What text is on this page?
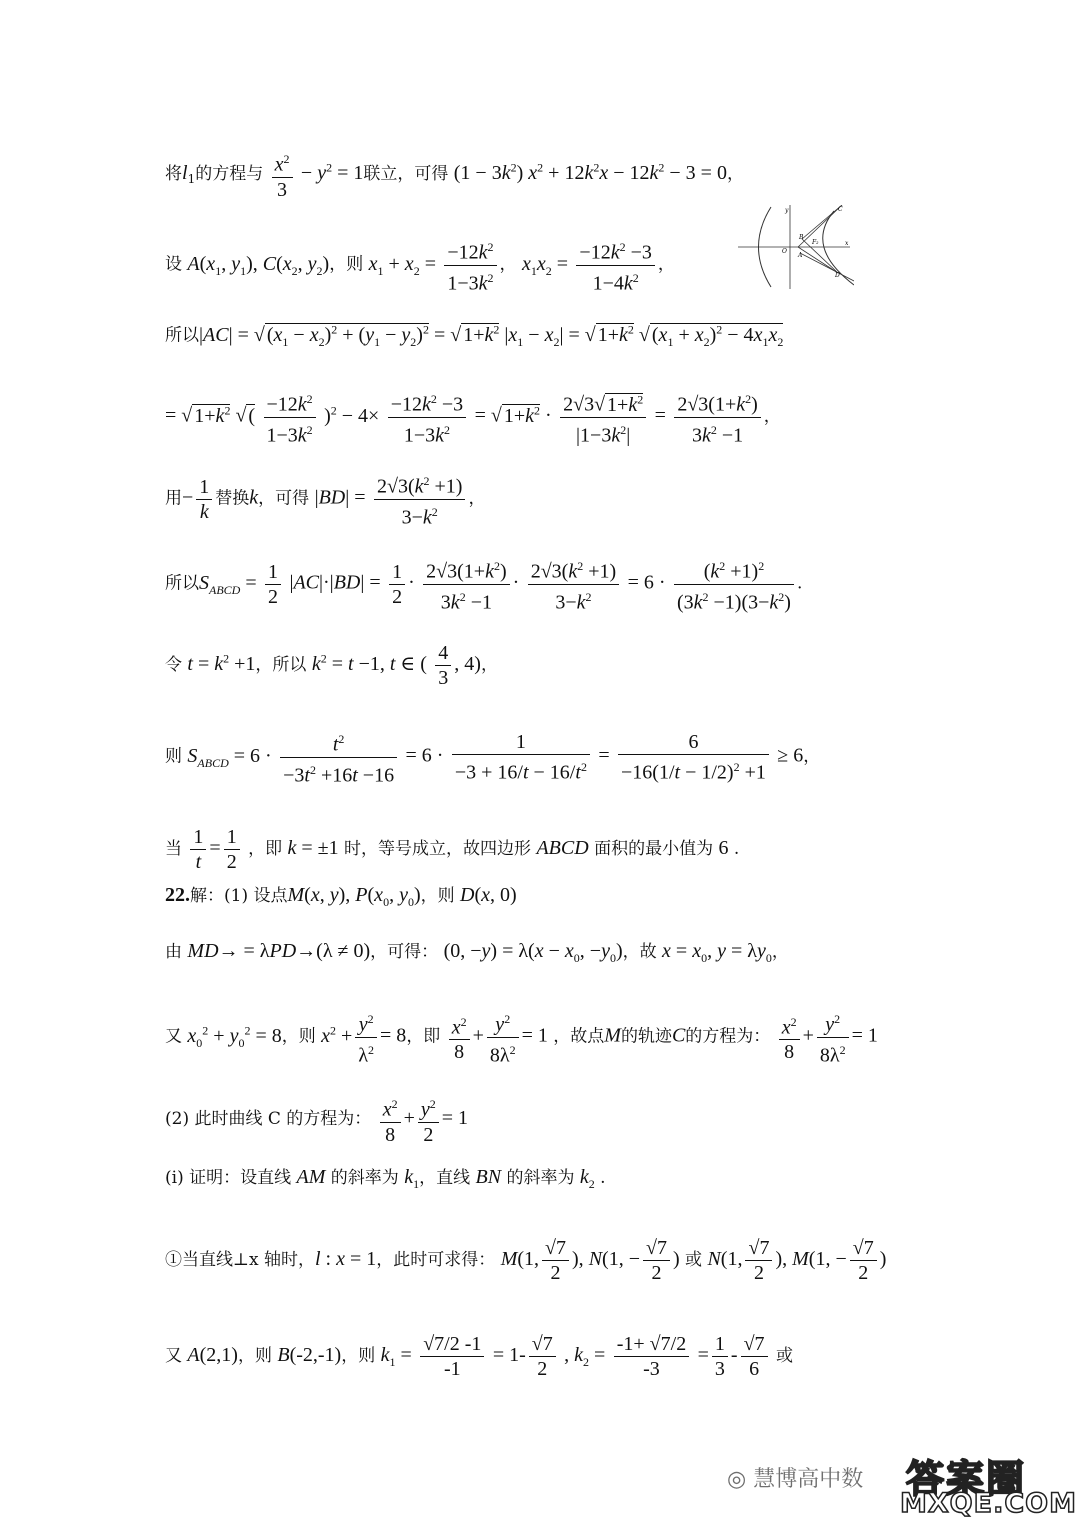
将$l_1$的方程与 $\frac{x^2}{3} - y^2 = 1$联立，可得 $(1 - 3k^2)$ $x^2 + 12k^2x - 12k^2 - 3 = 0$，
设 $A(x_1$, $y_1$), $C(x_2$, $y_2$)，则 $x_1 + x_2 = \frac{-12k^2}{1-3k^2}$ ， $x_1x_2 = \frac{-12k^2 -3}{1-4k^2}$ ，
y
x
O
F₂
A
B
C
D
所以|AC| = √ $(x_1 - x_2)^2 + (y_1 - y_2)^2$ = √ $1+k^2$ $|x_1 - x_2|$ = √ $1+k^2$ √ $(x_1 + x_2)^2 - 4x_1x_2$
= √ $1+k^2$ √ ( $\frac{-12k^2}{1-3k^2} )^2 - 4\times \frac{-12k^2 -3}{1-3k^2}$ = √ $1+k^2 \cdot \frac{2√3√ 1+k^2}{|1-3k^2|} = \frac{2√3(1+k^2)}{3k^2 -1}$ ，
用− $\frac{1}{k}$ 替换k，可得 $|BD| = \frac{2√3(k^2 +1)}{3-k^2}$ ，
所以$S_{ABCD} = \frac{1}{2} |AC|\cdot|BD| = \frac{1}{2} \cdot \frac{2√3(1+k^2)}{3k^2 -1} \cdot \frac{2√3(k^2 +1)}{3-k^2} = 6 \cdot \frac{(k^2 +1)^2}{(3k^2 -1)(3-k^2)}$ .
令 $t = k^2 +1$，所以 $k^2 = t -1$, t ∈ ( $\frac{4}{3}$ , 4)，
则 $S_{ABCD} = 6 \cdot \frac{t^2}{-3t^2 +16t -16} = 6 \cdot \frac{1}{-3 + 16/t - 16/t^2} = \frac{6}{-16(1/t - 1/2)^2 +1} \ge 6$，
当 $\frac{1}{t} = \frac{1}{2}$ ，即 k = ±1 时，等号成立，故四边形 ABCD 面积的最小值为 6 .
22.解：(1) 设点M(x, y), $P(x_0$, $y_0$)，则 D(x, 0)
由 MD→ = λPD→(λ ≠ 0)，可得： (0, $-y) = \lambda(x - x_0$, $-y_0$)，故 $x = x_0$, $y = \lambda y_0$，
又 $x_0^2 + y_0^2 = 8$，则 $x^2 + \frac{y^2}{\lambda^2} = 8$，即 $\frac{x^2}{8} + \frac{y^2}{8\lambda^2} = 1$ ，故点M的轨迹C的方程为： $\frac{x^2}{8} + \frac{y^2}{8\lambda^2} = 1$
(2) 此时曲线 C 的方程为： $\frac{x^2}{8} + \frac{y^2}{2} = 1$
(i) 证明：设直线 AM 的斜率为 $k_1$，直线 BN 的斜率为 $k_2$ .
①当直线⊥x 轴时，l : x = 1，此时可求得： M(1, $\frac{√7}{2}$ ), N(1, − $\frac{√7}{2}$ ) 或 N(1, $\frac{√7}{2}$ ), M(1, − $\frac{√7}{2}$ )
又 A(2,1)，则 B(-2,-1)，则 $k_1 = \frac{√7/2 -1}{-1} = 1- \frac{√7}{2}$ , $k_2 = \frac{-1+ √7/2}{-3} = \frac{1}{3} - \frac{√7}{6}$ 或
◎ 慧博高中数 答案圈
MXQE.COM
